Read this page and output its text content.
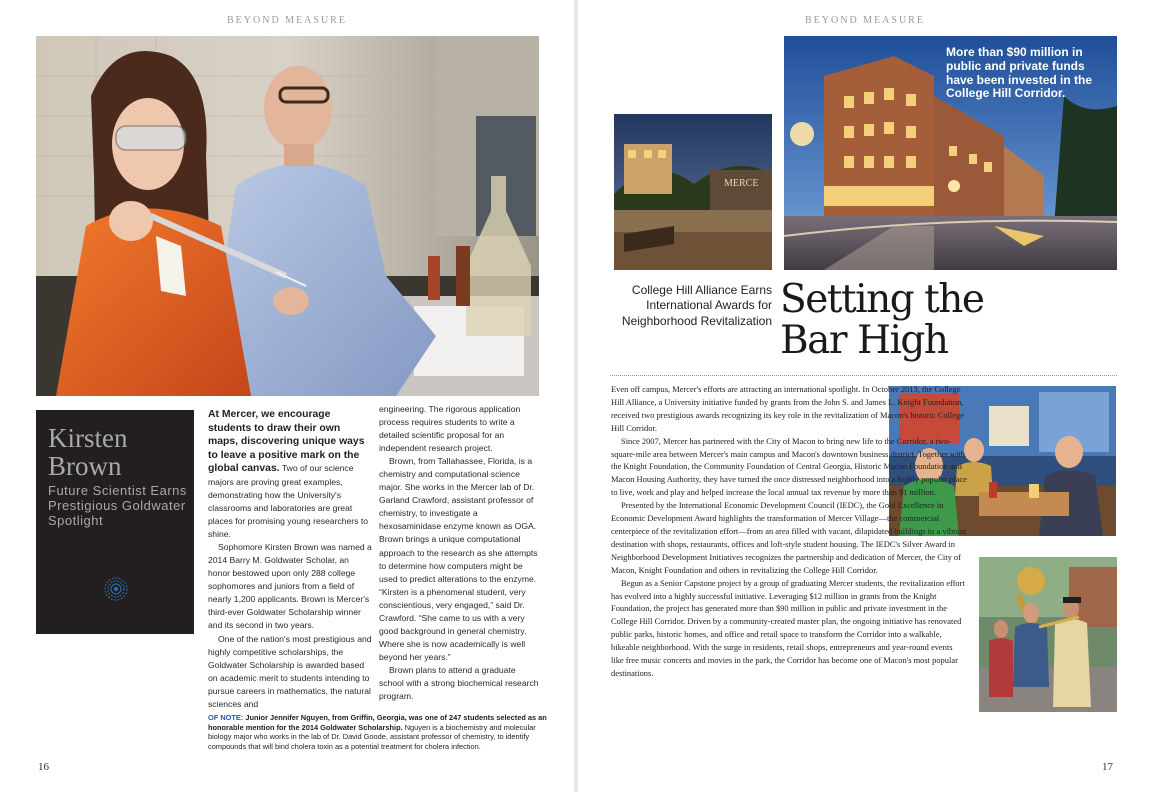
BEYOND MEASURE
Kirsten
Brown
Future Scientist Earns Prestigious Goldwater Spotlight

At Mercer, we encourage students to draw their own maps, discovering unique ways to leave a positive mark on the global canvas. Two of our science majors are proving great examples, demonstrating how the University's classrooms and laboratories are great places for promising young researchers to shine.

Sophomore Kirsten Brown was named a 2014 Barry M. Goldwater Scholar, an honor bestowed upon only 288 college sophomores and juniors from a field of nearly 1,200 applicants. Brown is Mercer's third-ever Goldwater Scholarship winner and its second in two years.

One of the nation's most prestigious and highly competitive scholarships, the Goldwater Scholarship is awarded based on academic merit to students intending to pursue careers in mathematics, the natural sciences and

engineering. The rigorous application process requires students to write a detailed scientific proposal for an independent research project.

Brown, from Tallahassee, Florida, is a chemistry and computational science major. She works in the Mercer lab of Dr. Garland Crawford, assistant professor of chemistry, to investigate a hexosaminidase enzyme known as OGA. Brown brings a unique computational approach to the research as she attempts to determine how computers might be used to predict alterations to the enzyme. “Kirsten is a phenomenal student, very conscientious, very engaged,” said Dr. Crawford. “She came to us with a very good background in general chemistry. Where she is now academically is well beyond her years.”

Brown plans to attend a graduate school with a strong biochemical research program.

OF NOTE: Junior Jennifer Nguyen, from Griffin, Georgia, was one of 247 students selected as an honorable mention for the 2014 Goldwater Scholarship. Nguyen is a biochemistry and molecular biology major who works in the lab of Dr. David Goode, assistant professor of chemistry, to identify compounds that will bind cholera toxin as a potential treatment for cholera infection.
16
BEYOND MEASURE
17
MERCE
More than $90 million in public and private funds have been invested in the College Hill Corridor.
College Hill Alliance Earns International Awards for Neighborhood Revitalization Setting the
Bar High

Even off campus, Mercer's efforts are attracting an international spotlight. In October 2013, the College Hill Alliance, a University initiative funded by grants from the John S. and James L. Knight Foundation, received two prestigious awards recognizing its key role in the revitalization of Macon's historic College Hill Corridor.

Since 2007, Mercer has partnered with the City of Macon to bring new life to the Corridor, a two-square-mile area between Mercer's main campus and Macon's downtown business district. Together with the Knight Foundation, the Community Foundation of Central Georgia, Historic Macon Foundation and Macon Housing Authority, they have turned the once distressed neighborhood into a highly popular place to live, work and play and helped increase the local annual tax revenue by more than $1 million.

Presented by the International Economic Development Council (IEDC), the Gold Excellence in Economic Development Award highlights the transformation of Mercer Village—the commercial centerpiece of the revitalization effort—from an area filled with vacant, dilapidated buildings to a vibrant destination with shops, restaurants, offices and loft-style student housing. The IEDC's Silver Award in Neighborhood Development Initiatives recognizes the partnership and dedication of Mercer, the City of Macon, Knight Foundation and others in revitalizing the College Hill Corridor.

Begun as a Senior Capstone project by a group of graduating Mercer students, the revitalization effort has evolved into a highly successful initiative. Leveraging $12 million in grants from the Knight Foundation, the project has generated more than $90 million in public and private investment in the College Hill Corridor. Driven by a community-created master plan, the ongoing initiative has renovated public parks, historic homes, and office and retail space to transform the Corridor into a walkable, bikeable neighborhood. With the surge in residents, retail shops, entrepreneurs and year-round events like free music concerts and movies in the park, the Corridor has become one of Macon's most popular destinations.
